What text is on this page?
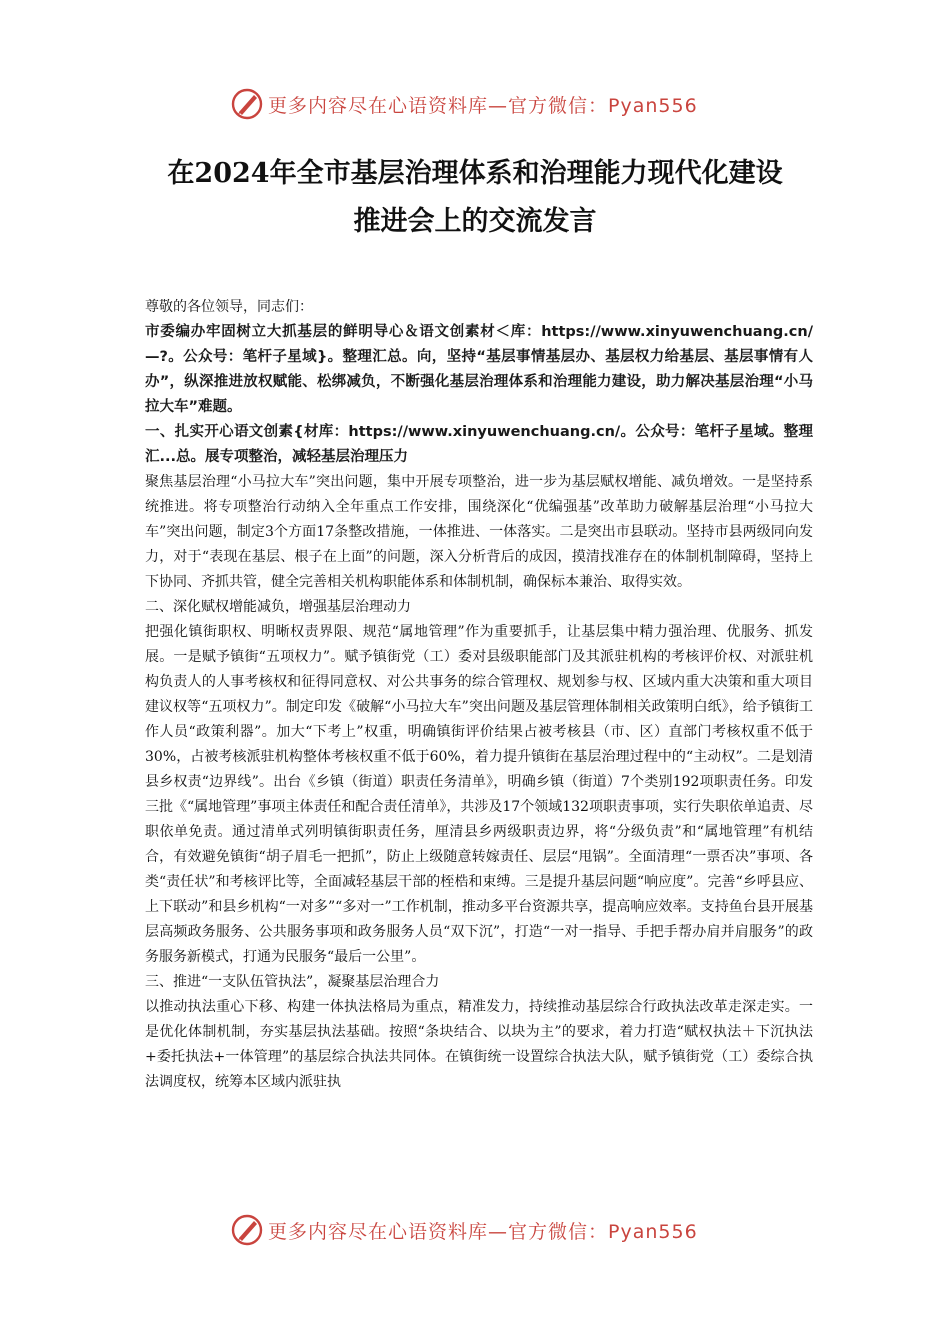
更多内容尽在心语资料库—官方微信：Pyan556
在2024年全市基层治理体系和治理能力现代化建设
推进会上的交流发言

尊敬的各位领导，同志们：

市委编办牢固树立大抓基层的鲜明导心＆语文创素材＜库：https://www.xinyuwenchuang.cn/—?。公众号：笔杆子星域}。整理汇总。向，坚持“基层事情基层办、基层权力给基层、基层事情有人办”，纵深推进放权赋能、松绑减负，不断强化基层治理体系和治理能力建设，助力解决基层治理“小马拉大车”难题。

一、扎实开心语文创素{材库：https://www.xinyuwenchuang.cn/。公众号：笔杆子星域。整理汇...总。展专项整治，减轻基层治理压力

聚焦基层治理“小马拉大车”突出问题，集中开展专项整治，进一步为基层赋权增能、减负增效。一是坚持系统推进。将专项整治行动纳入全年重点工作安排，围绕深化“优编强基”改革助力破解基层治理“小马拉大车”突出问题，制定3个方面17条整改措施，一体推进、一体落实。二是突出市县联动。坚持市县两级同向发力，对于“表现在基层、根子在上面”的问题，深入分析背后的成因，摸清找准存在的体制机制障碍，坚持上下协同、齐抓共管，健全完善相关机构职能体系和体制机制，确保标本兼治、取得实效。

二、深化赋权增能减负，增强基层治理动力

把强化镇街职权、明晰权责界限、规范“属地管理”作为重要抓手，让基层集中精力强治理、优服务、抓发展。一是赋予镇街“五项权力”。赋予镇街党（工）委对县级职能部门及其派驻机构的考核评价权、对派驻机构负责人的人事考核权和征得同意权、对公共事务的综合管理权、规划参与权、区域内重大决策和重大项目建议权等“五项权力”。制定印发《破解“小马拉大车”突出问题及基层管理体制相关政策明白纸》，给予镇街工作人员“政策利器”。加大“下考上”权重，明确镇街评价结果占被考核县（市、区）直部门考核权重不低于30%，占被考核派驻机构整体考核权重不低于60%，着力提升镇街在基层治理过程中的“主动权”。二是划清县乡权责“边界线”。出台《乡镇（街道）职责任务清单》，明确乡镇（街道）7个类别192项职责任务。印发三批《“属地管理”事项主体责任和配合责任清单》，共涉及17个领域132项职责事项，实行失职依单追责、尽职依单免责。通过清单式列明镇街职责任务，厘清县乡两级职责边界，将“分级负责”和“属地管理”有机结合，有效避免镇街“胡子眉毛一把抓”，防止上级随意转嫁责任、层层“甩锅”。全面清理“一票否决”事项、各类“责任状”和考核评比等，全面减轻基层干部的桎梏和束缚。三是提升基层问题“响应度”。完善“乡呼县应、上下联动”和县乡机构“一对多”“多对一”工作机制，推动多平台资源共享，提高响应效率。支持鱼台县开展基层高频政务服务、公共服务事项和政务服务人员“双下沉”，打造“一对一指导、手把手帮办肩并肩服务”的政务服务新模式，打通为民服务“最后一公里”。

三、推进“一支队伍管执法”，凝聚基层治理合力

以推动执法重心下移、构建一体执法格局为重点，精准发力，持续推动基层综合行政执法改革走深走实。一是优化体制机制，夯实基层执法基础。按照“条块结合、以块为主”的要求，着力打造“赋权执法＋下沉执法+委托执法+一体管理”的基层综合执法共同体。在镇街统一设置综合执法大队，赋予镇街党（工）委综合执法调度权，统筹本区域内派驻执

更多内容尽在心语资料库—官方微信：Pyan556
